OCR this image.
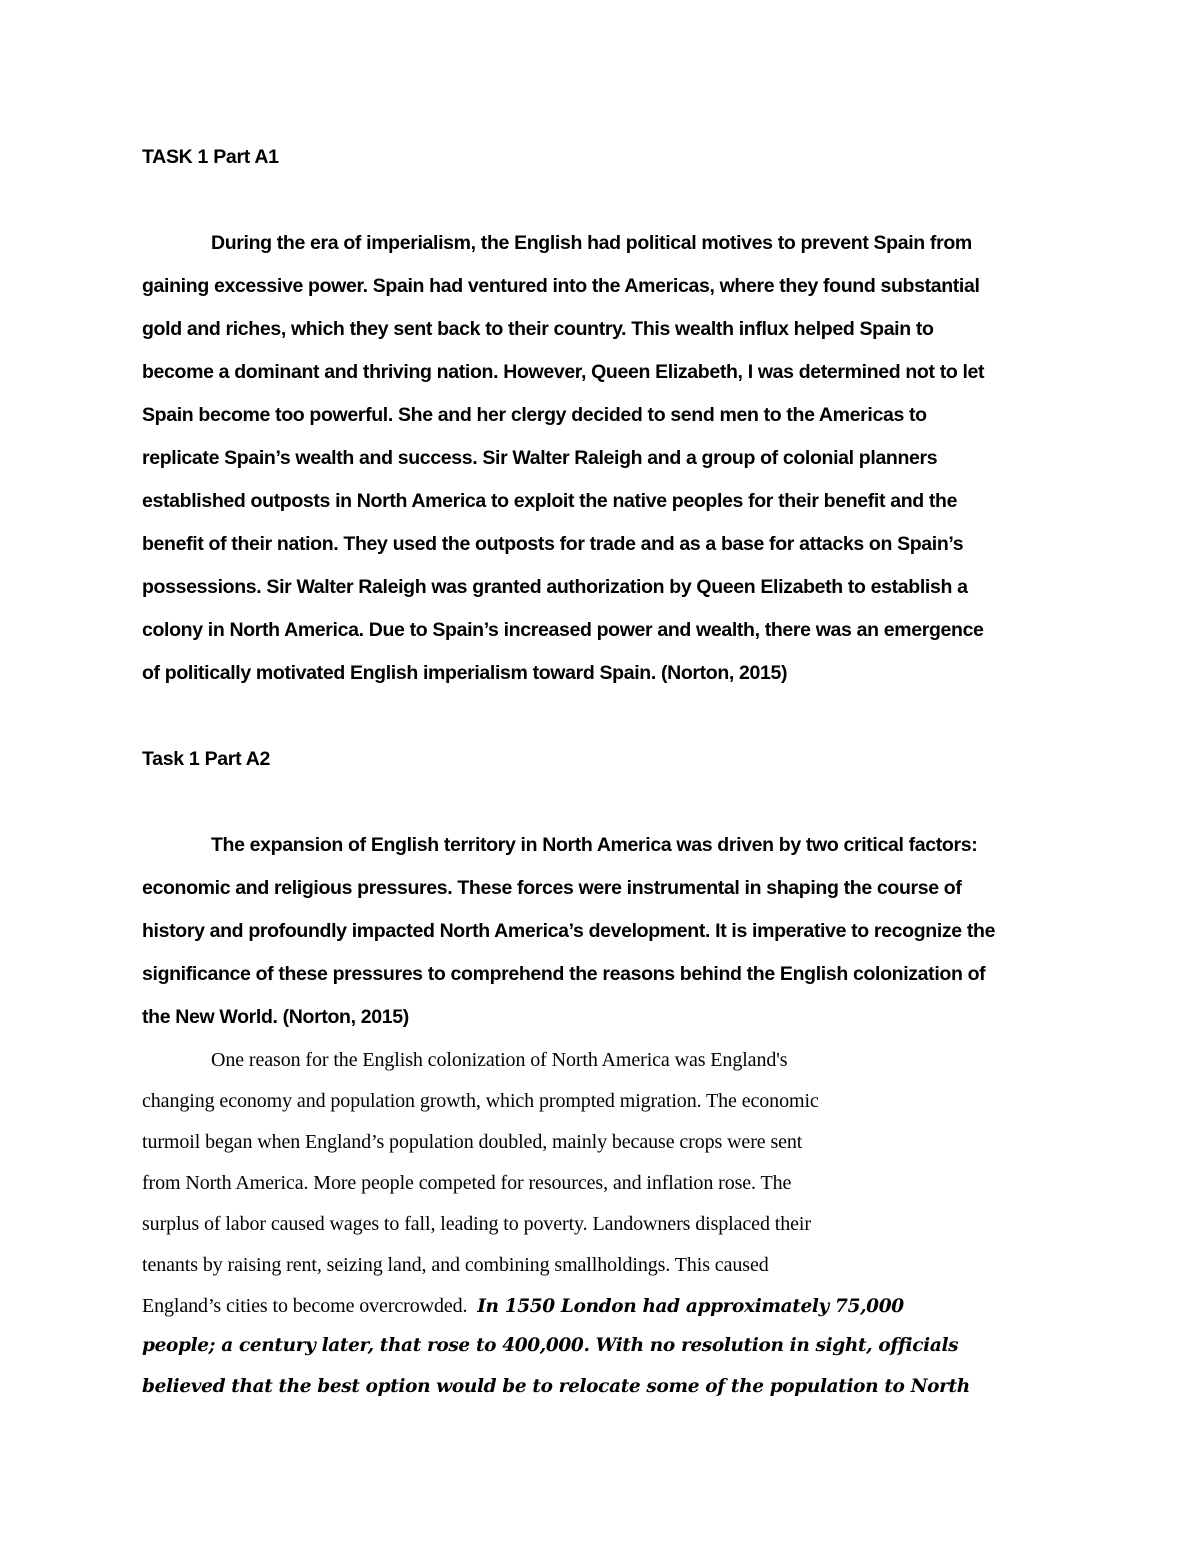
TASK 1 Part A1

During the era of imperialism, the English had political motives to prevent Spain from

gaining excessive power. Spain had ventured into the Americas, where they found substantial

gold and riches, which they sent back to their country. This wealth influx helped Spain to

become a dominant and thriving nation. However, Queen Elizabeth, I was determined not to let

Spain become too powerful. She and her clergy decided to send men to the Americas to

replicate Spain’s wealth and success. Sir Walter Raleigh and a group of colonial planners

established outposts in North America to exploit the native peoples for their benefit and the

benefit of their nation. They used the outposts for trade and as a base for attacks on Spain’s

possessions. Sir Walter Raleigh was granted authorization by Queen Elizabeth to establish a

colony in North America. Due to Spain’s increased power and wealth, there was an emergence

of politically motivated English imperialism toward Spain. (Norton, 2015)

Task 1 Part A2

The expansion of English territory in North America was driven by two critical factors:

economic and religious pressures. These forces were instrumental in shaping the course of

history and profoundly impacted North America’s development. It is imperative to recognize the

significance of these pressures to comprehend the reasons behind the English colonization of

the New World. (Norton, 2015)

One reason for the English colonization of North America was England's

changing economy and population growth, which prompted migration. The economic

turmoil began when England’s population doubled, mainly because crops were sent

from North America. More people competed for resources, and inflation rose. The

surplus of labor caused wages to fall, leading to poverty. Landowners displaced their

tenants by raising rent, seizing land, and combining smallholdings. This caused

England’s cities to become overcrowded. In 1550 London had approximately 75,000

people; a century later, that rose to 400,000. With no resolution in sight, officials

believed that the best option would be to relocate some of the population to North
